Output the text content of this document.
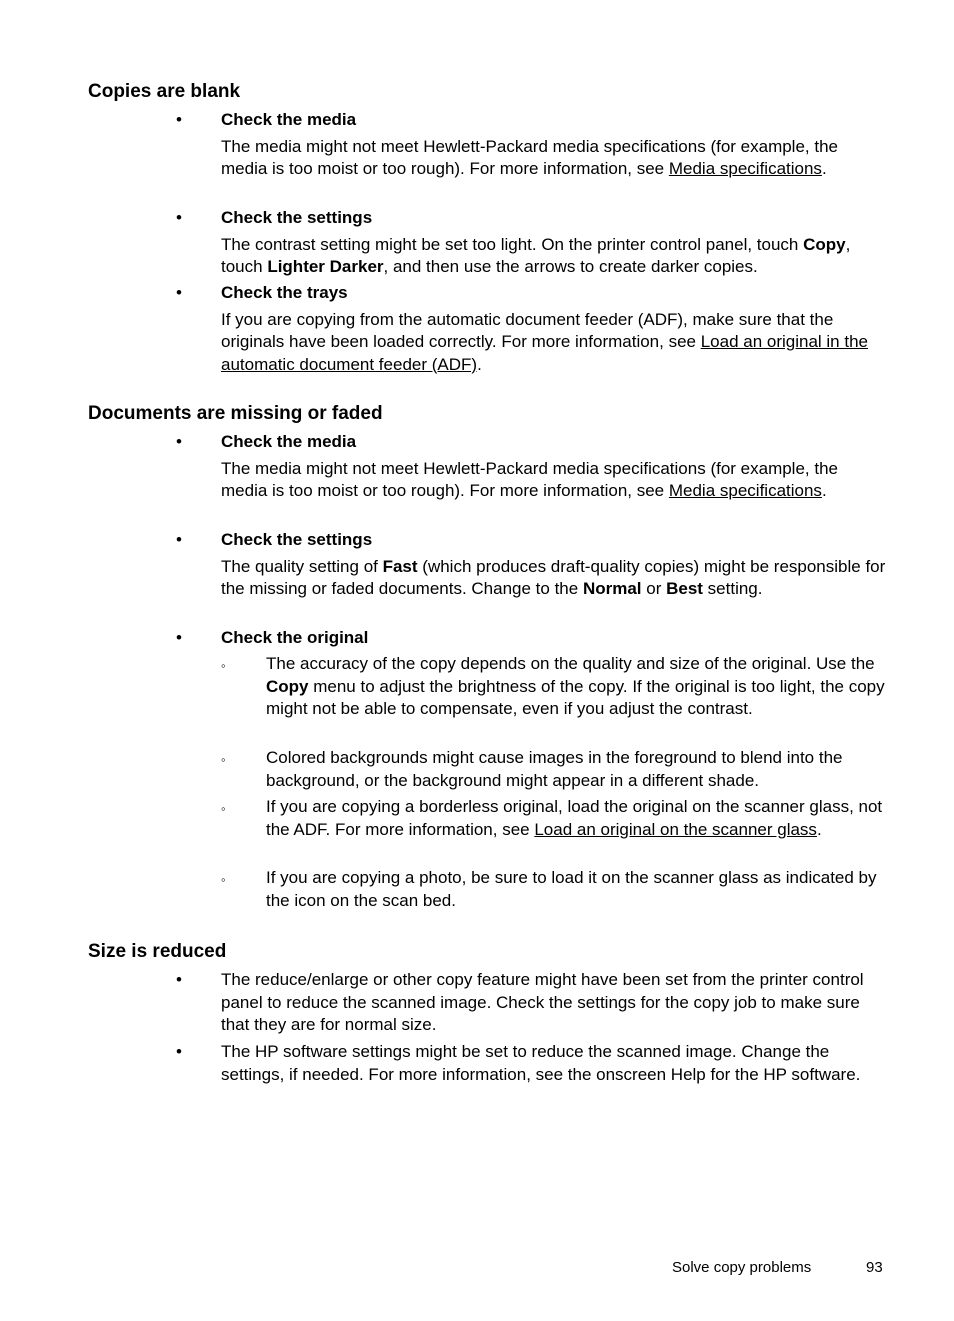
Copies are blank
• Check the media
The media might not meet Hewlett-Packard media specifications (for example, the media is too moist or too rough). For more information, see Media specifications.
• Check the settings
The contrast setting might be set too light. On the printer control panel, touch Copy, touch Lighter Darker, and then use the arrows to create darker copies.
• Check the trays
If you are copying from the automatic document feeder (ADF), make sure that the originals have been loaded correctly. For more information, see Load an original in the automatic document feeder (ADF).
Documents are missing or faded
• Check the media
The media might not meet Hewlett-Packard media specifications (for example, the media is too moist or too rough). For more information, see Media specifications.
• Check the settings
The quality setting of Fast (which produces draft-quality copies) might be responsible for the missing or faded documents. Change to the Normal or Best setting.
• Check the original
◦ The accuracy of the copy depends on the quality and size of the original. Use the Copy menu to adjust the brightness of the copy. If the original is too light, the copy might not be able to compensate, even if you adjust the contrast.
◦ Colored backgrounds might cause images in the foreground to blend into the background, or the background might appear in a different shade.
◦ If you are copying a borderless original, load the original on the scanner glass, not the ADF. For more information, see Load an original on the scanner glass.
◦ If you are copying a photo, be sure to load it on the scanner glass as indicated by the icon on the scan bed.
Size is reduced
• The reduce/enlarge or other copy feature might have been set from the printer control panel to reduce the scanned image. Check the settings for the copy job to make sure that they are for normal size.
• The HP software settings might be set to reduce the scanned image. Change the settings, if needed. For more information, see the onscreen Help for the HP software.
Solve copy problems	93
